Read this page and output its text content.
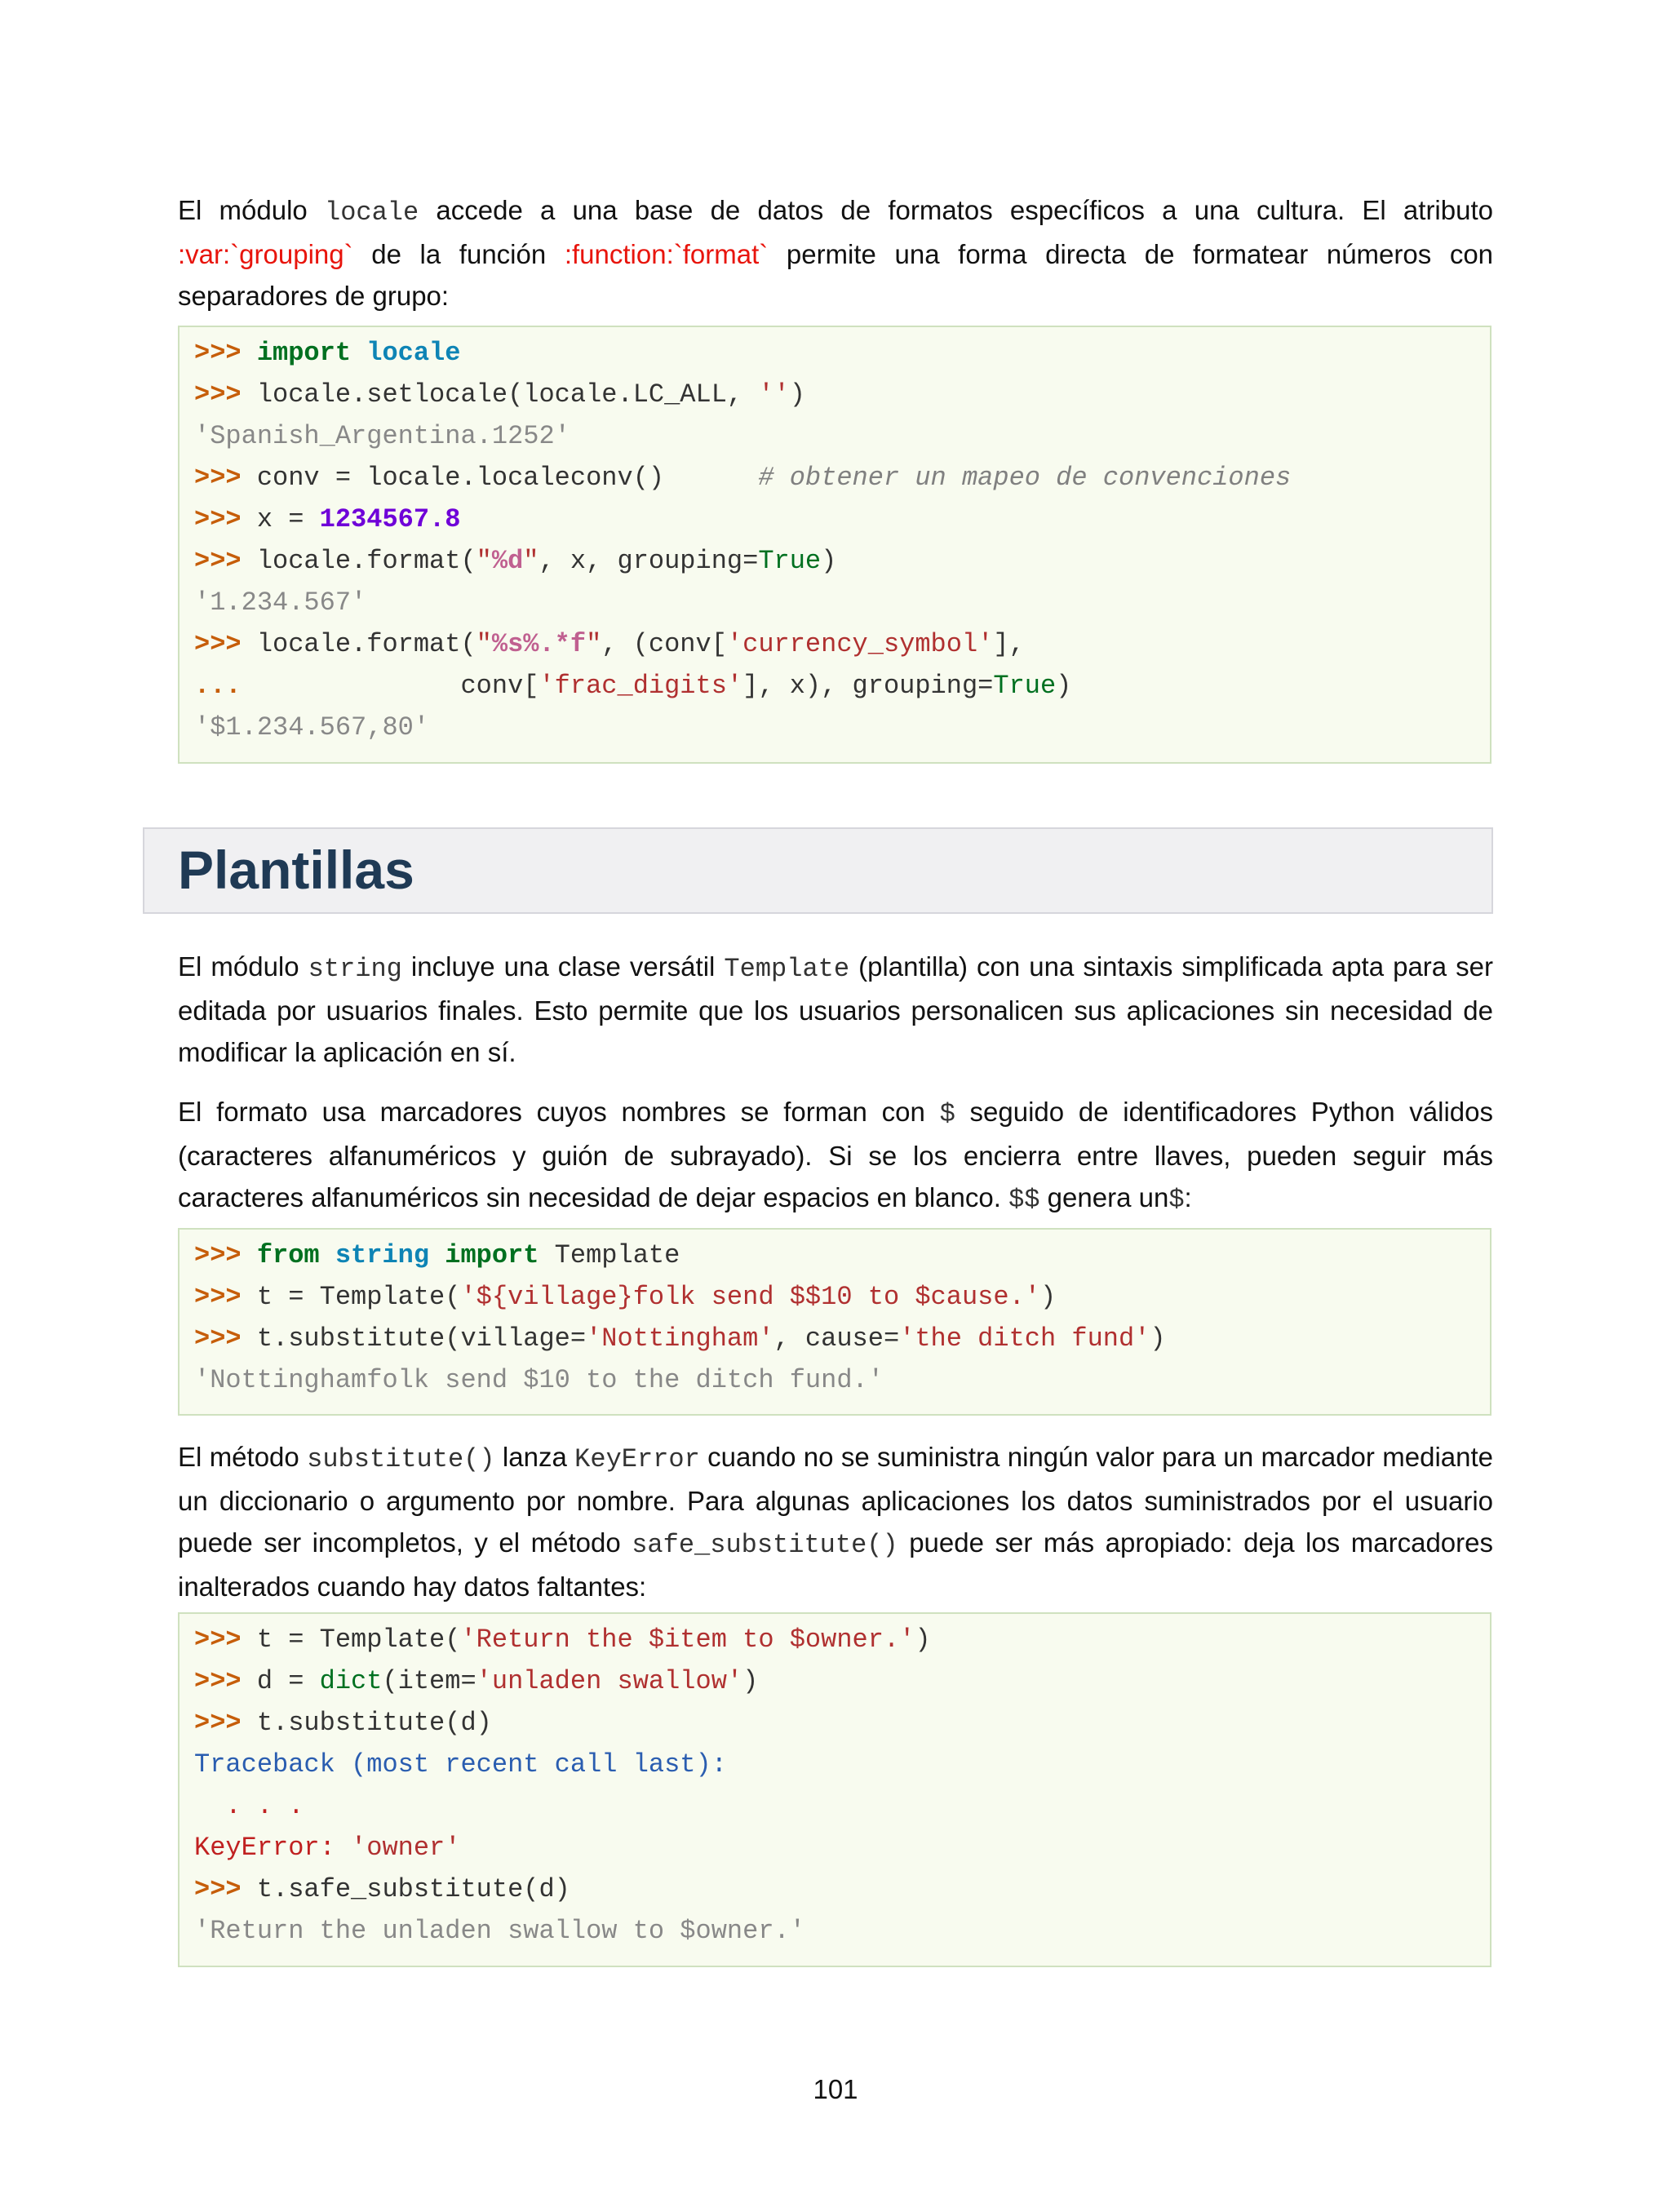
El módulo locale accede a una base de datos de formatos específicos a una cultura. El atributo :var:`grouping` de la función :function:`format` permite una forma directa de formatear números con separadores de grupo:

>>> import locale
>>> locale.setlocale(locale.LC_ALL, '')
'Spanish_Argentina.1252'
>>> conv = locale.localeconv()      # obtener un mapeo de convenciones
>>> x = 1234567.8
>>> locale.format("%d", x, grouping=True)
'1.234.567'
>>> locale.format("%s%.*f", (conv['currency_symbol'],
...              conv['frac_digits'], x), grouping=True)
'$1.234.567,80'
Plantillas

El módulo string incluye una clase versátil Template (plantilla) con una sintaxis simplificada apta para ser editada por usuarios finales. Esto permite que los usuarios personalicen sus aplicaciones sin necesidad de modificar la aplicación en sí.

El formato usa marcadores cuyos nombres se forman con $ seguido de identificadores Python válidos (caracteres alfanuméricos y guión de subrayado). Si se los encierra entre llaves, pueden seguir más caracteres alfanuméricos sin necesidad de dejar espacios en blanco. $$ genera un$:

>>> from string import Template
>>> t = Template('${village}folk send $$10 to $cause.')
>>> t.substitute(village='Nottingham', cause='the ditch fund')
'Nottinghamfolk send $10 to the ditch fund.'

El método substitute() lanza KeyError cuando no se suministra ningún valor para un marcador mediante un diccionario o argumento por nombre. Para algunas aplicaciones los datos suministrados por el usuario puede ser incompletos, y el método safe_substitute() puede ser más apropiado: deja los marcadores inalterados cuando hay datos faltantes:

>>> t = Template('Return the $item to $owner.')
>>> d = dict(item='unladen swallow')
>>> t.substitute(d)
Traceback (most recent call last):
. . .
KeyError: 'owner'
>>> t.safe_substitute(d)
'Return the unladen swallow to $owner.'
101
